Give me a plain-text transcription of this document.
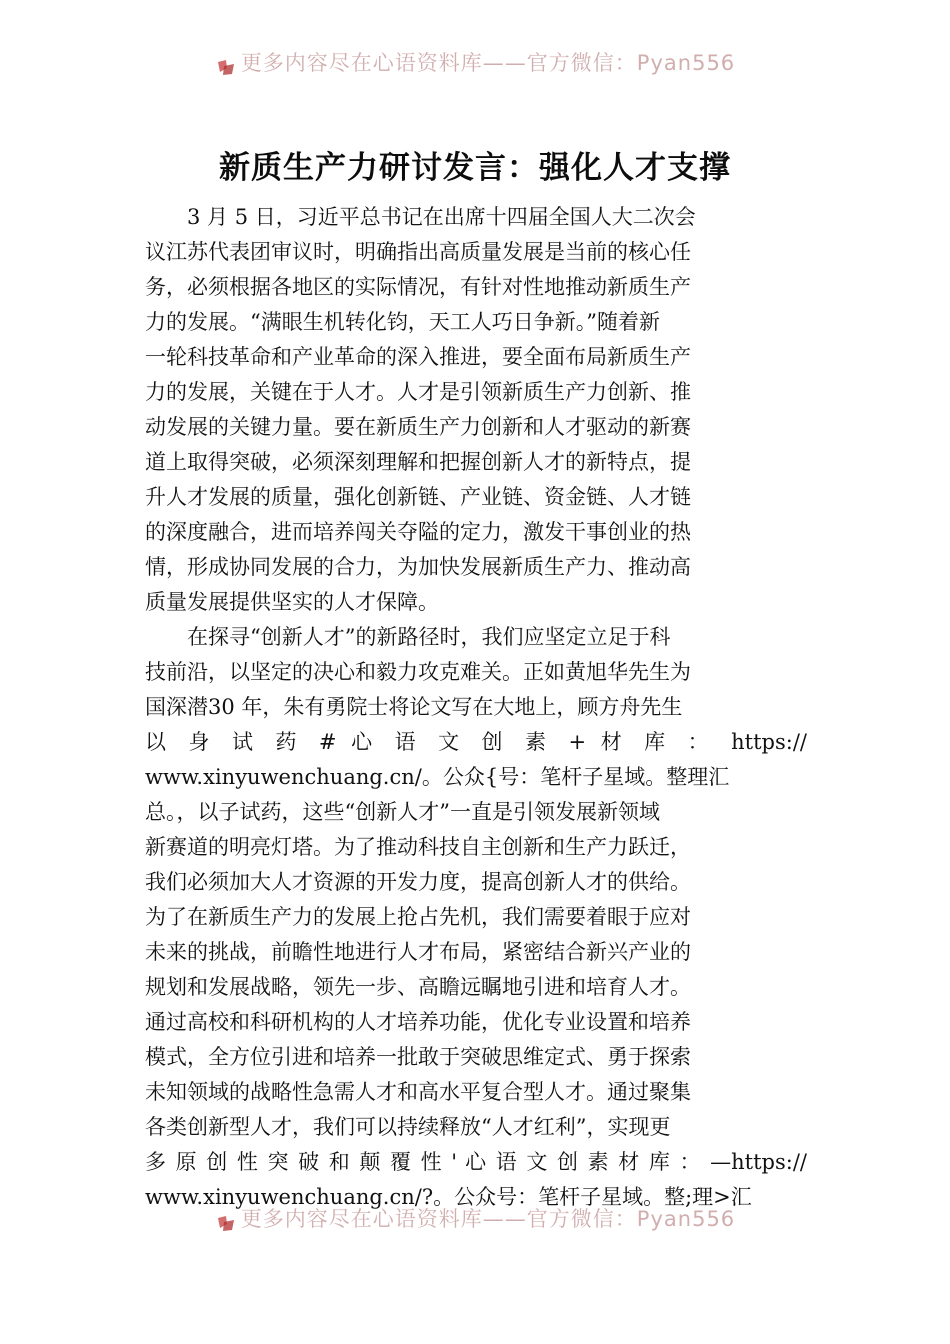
更多内容尽在心语资料库——官方微信：Pyan556
新质生产力研讨发言：强化人才支撑
　　3 月 5 日，习近平总书记在出席十四届全国人大二次会
议江苏代表团审议时，明确指出高质量发展是当前的核心任
务，必须根据各地区的实际情况，有针对性地推动新质生产
力的发展。“满眼生机转化钧，天工人巧日争新。”随着新
一轮科技革命和产业革命的深入推进，要全面布局新质生产
力的发展，关键在于人才。人才是引领新质生产力创新、推
动发展的关键力量。要在新质生产力创新和人才驱动的新赛
道上取得突破，必须深刻理解和把握创新人才的新特点，提
升人才发展的质量，强化创新链、产业链、资金链、人才链
的深度融合，进而培养闯关夺隘的定力，激发干事创业的热
情，形成协同发展的合力，为加快发展新质生产力、推动高
质量发展提供坚实的人才保障。
　　在探寻“创新人才”的新路径时，我们应坚定立足于科
技前沿，以坚定的决心和毅力攻克难关。正如黄旭华先生为
国深潜30 年，朱有勇院士将论文写在大地上，顾方舟先生
以 身 试 药 # 心 语 文 创 素 + 材 库 ： https://
www.xinyuwenchuang.cn/。公众{号：笔杆子星域。整理汇
总。，以子试药，这些“创新人才”一直是引领发展新领域
新赛道的明亮灯塔。为了推动科技自主创新和生产力跃迁，
我们必须加大人才资源的开发力度，提高创新人才的供给。
为了在新质生产力的发展上抢占先机，我们需要着眼于应对
未来的挑战，前瞻性地进行人才布局，紧密结合新兴产业的
规划和发展战略，领先一步、高瞻远瞩地引进和培育人才。
通过高校和科研机构的人才培养功能，优化专业设置和培养
模式，全方位引进和培养一批敢于突破思维定式、勇于探索
未知领域的战略性急需人才和高水平复合型人才。通过聚集
各类创新型人才，我们可以持续释放“人才红利”，实现更
多 原 创 性 突 破 和 颠 覆 性 ' 心 语 文 创 素 材 库 ： —https://
www.xinyuwenchuang.cn/?。公众号：笔杆子星域。整;理>汇
更多内容尽在心语资料库——官方微信：Pyan556
